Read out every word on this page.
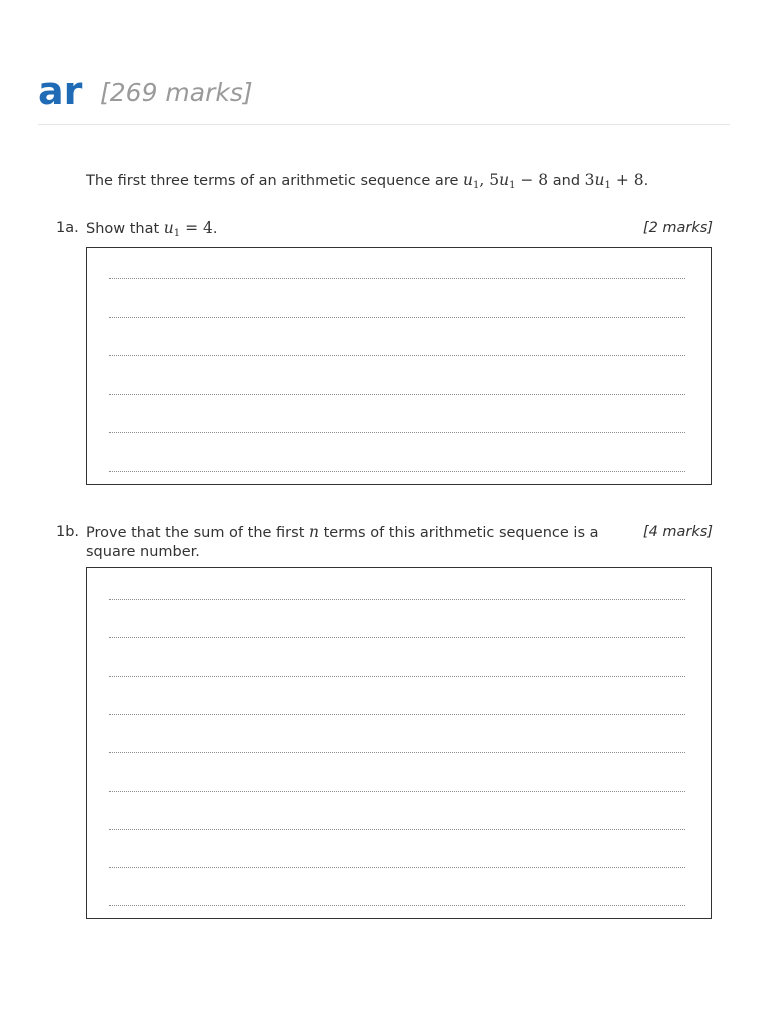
ar [269 marks]
The first three terms of an arithmetic sequence are $u_1$, $5u_1 - 8$ and $3u_1 + 8$.
1a. Show that $u_1 = 4$.	[2 marks]
1b. Prove that the sum of the first n terms of this arithmetic sequence is a
square number.
[4 marks]
